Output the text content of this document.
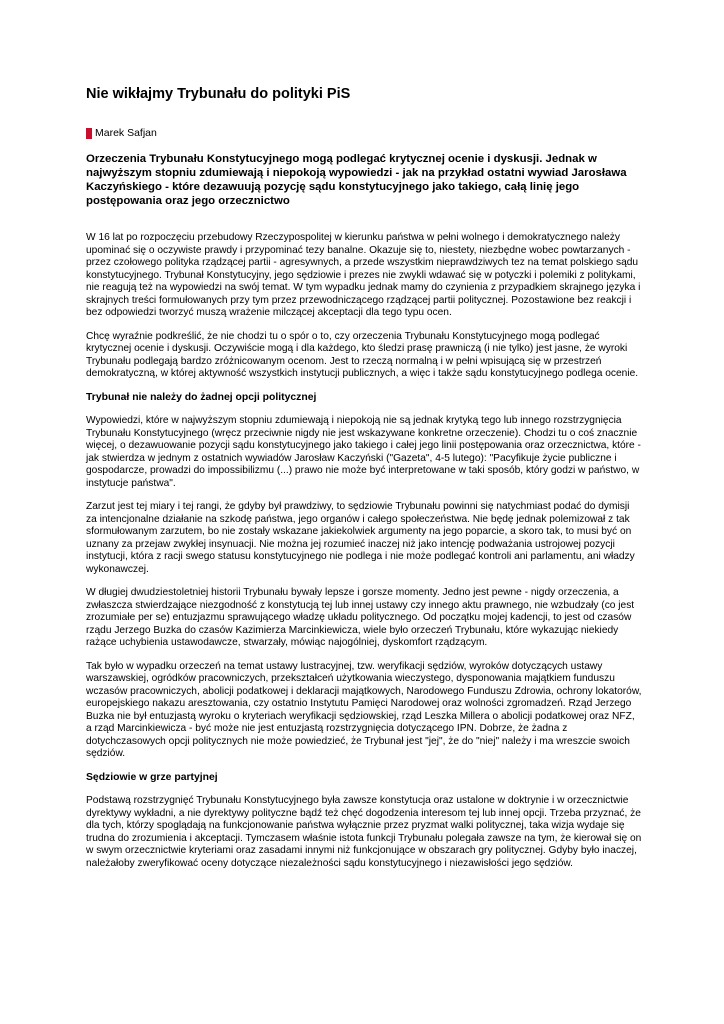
Nie wikłajmy Trybunału do polityki PiS
Marek Safjan

Orzeczenia Trybunału Konstytucyjnego mogą podlegać krytycznej ocenie i dyskusji. Jednak w najwyższym stopniu zdumiewają i niepokoją wypowiedzi - jak na przykład ostatni wywiad Jarosława Kaczyńskiego - które dezawuują pozycję sądu konstytucyjnego jako takiego, całą linię jego postępowania oraz jego orzecznictwo

W 16 lat po rozpoczęciu przebudowy Rzeczypospolitej w kierunku państwa w pełni wolnego i demokratycznego należy upominać się o oczywiste prawdy i przypominać tezy banalne. Okazuje się to, niestety, niezbędne wobec powtarzanych - przez czołowego polityka rządzącej partii - agresywnych, a przede wszystkim nieprawdziwych tez na temat polskiego sądu konstytucyjnego. Trybunał Konstytucyjny, jego sędziowie i prezes nie zwykli wdawać się w potyczki i polemiki z politykami, nie reagują też na wypowiedzi na swój temat. W tym wypadku jednak mamy do czynienia z przypadkiem skrajnego języka i skrajnych treści formułowanych przy tym przez przewodniczącego rządzącej partii politycznej. Pozostawione bez reakcji i bez odpowiedzi tworzyć muszą wrażenie milczącej akceptacji dla tego typu ocen.

Chcę wyraźnie podkreślić, że nie chodzi tu o spór o to, czy orzeczenia Trybunału Konstytucyjnego mogą podlegać krytycznej ocenie i dyskusji. Oczywiście mogą i dla każdego, kto śledzi prasę prawniczą (i nie tylko) jest jasne, że wyroki Trybunału podlegają bardzo zróżnicowanym ocenom. Jest to rzeczą normalną i w pełni wpisującą się w przestrzeń demokratyczną, w której aktywność wszystkich instytucji publicznych, a więc i także sądu konstytucyjnego podlega ocenie.

Trybunał nie należy do żadnej opcji politycznej

Wypowiedzi, które w najwyższym stopniu zdumiewają i niepokoją nie są jednak krytyką tego lub innego rozstrzygnięcia Trybunału Konstytucyjnego (wręcz przeciwnie nigdy nie jest wskazywane konkretne orzeczenie). Chodzi tu o coś znacznie więcej, o dezawuowanie pozycji sądu konstytucyjnego jako takiego i całej jego linii postępowania oraz orzecznictwa, które - jak stwierdza w jednym z ostatnich wywiadów Jarosław Kaczyński ("Gazeta", 4-5 lutego): "Pacyfikuje życie publiczne i gospodarcze, prowadzi do impossibilizmu (...) prawo nie może być interpretowane w taki sposób, który godzi w państwo, w instytucje państwa".

Zarzut jest tej miary i tej rangi, że gdyby był prawdziwy, to sędziowie Trybunału powinni się natychmiast podać do dymisji za intencjonalne działanie na szkodę państwa, jego organów i całego społeczeństwa. Nie będę jednak polemizował z tak sformułowanym zarzutem, bo nie zostały wskazane jakiekolwiek argumenty na jego poparcie, a skoro tak, to musi być on uznany za przejaw zwykłej insynuacji. Nie można jej rozumieć inaczej niż jako intencję podważania ustrojowej pozycji instytucji, która z racji swego statusu konstytucyjnego nie podlega i nie może podlegać kontroli ani parlamentu, ani władzy wykonawczej.

W długiej dwudziestoletniej historii Trybunału bywały lepsze i gorsze momenty. Jedno jest pewne - nigdy orzeczenia, a zwłaszcza stwierdzające niezgodność z konstytucją tej lub innej ustawy czy innego aktu prawnego, nie wzbudzały (co jest zrozumiałe per se) entuzjazmu sprawującego władzę układu politycznego. Od początku mojej kadencji, to jest od czasów rządu Jerzego Buzka do czasów Kazimierza Marcinkiewicza, wiele było orzeczeń Trybunału, które wykazując niekiedy rażące uchybienia ustawodawcze, stwarzały, mówiąc najogólniej, dyskomfort rządzącym.

Tak było w wypadku orzeczeń na temat ustawy lustracyjnej, tzw. weryfikacji sędziów, wyroków dotyczących ustawy warszawskiej, ogródków pracowniczych, przekształceń użytkowania wieczystego, dysponowania majątkiem funduszu wczasów pracowniczych, abolicji podatkowej i deklaracji majątkowych, Narodowego Funduszu Zdrowia, ochrony lokatorów, europejskiego nakazu aresztowania, czy ostatnio Instytutu Pamięci Narodowej oraz wolności zgromadzeń. Rząd Jerzego Buzka nie był entuzjastą wyroku o kryteriach weryfikacji sędziowskiej, rząd Leszka Millera o abolicji podatkowej oraz NFZ, a rząd Marcinkiewicza - być może nie jest entuzjastą rozstrzygnięcia dotyczącego IPN. Dobrze, że żadna z dotychczasowych opcji politycznych nie może powiedzieć, że Trybunał jest "jej", że do "niej" należy i ma wreszcie swoich sędziów.

Sędziowie w grze partyjnej

Podstawą rozstrzygnięć Trybunału Konstytucyjnego była zawsze konstytucja oraz ustalone w doktrynie i w orzecznictwie dyrektywy wykładni, a nie dyrektywy polityczne bądź też chęć dogodzenia interesom tej lub innej opcji. Trzeba przyznać, że dla tych, którzy spoglądają na funkcjonowanie państwa wyłącznie przez pryzmat walki politycznej, taka wizja wydaje się trudna do zrozumienia i akceptacji. Tymczasem właśnie istota funkcji Trybunału polegała zawsze na tym, że kierował się on w swym orzecznictwie kryteriami oraz zasadami innymi niż funkcjonujące w obszarach gry politycznej. Gdyby było inaczej, należałoby zweryfikować oceny dotyczące niezależności sądu konstytucyjnego i niezawisłości jego sędziów.
